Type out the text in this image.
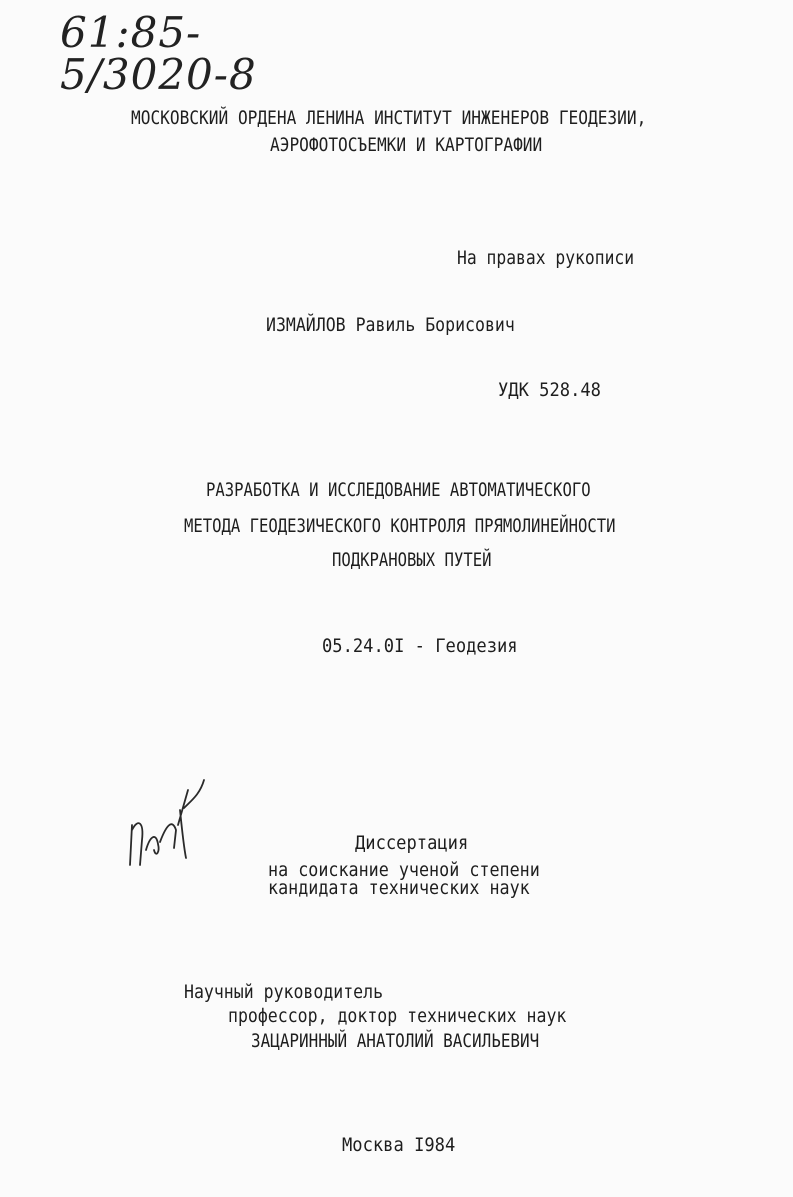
61:85-5/3020-8
МОСКОВСКИЙ ОРДЕНА ЛЕНИНА ИНСТИТУТ ИНЖЕНЕРОВ ГЕОДЕЗИИ,
АЭРОФОТОСЪЕМКИ И КАРТОГРАФИИ
На правах рукописи
ИЗМАЙЛОВ Равиль Борисович
УДК 528.48
РАЗРАБОТКА И ИССЛЕДОВАНИЕ АВТОМАТИЧЕСКОГО
МЕТОДА ГЕОДЕЗИЧЕСКОГО КОНТРОЛЯ ПРЯМОЛИНЕЙНОСТИ
ПОДКРАНОВЫХ ПУТЕЙ
05.24.0I - Геодезия
Диссертация
на соискание ученой степени
кандидата технических наук
Научный руководитель
профессор, доктор технических наук
ЗАЦАРИННЫЙ АНАТОЛИЙ ВАСИЛЬЕВИЧ
Москва I984
